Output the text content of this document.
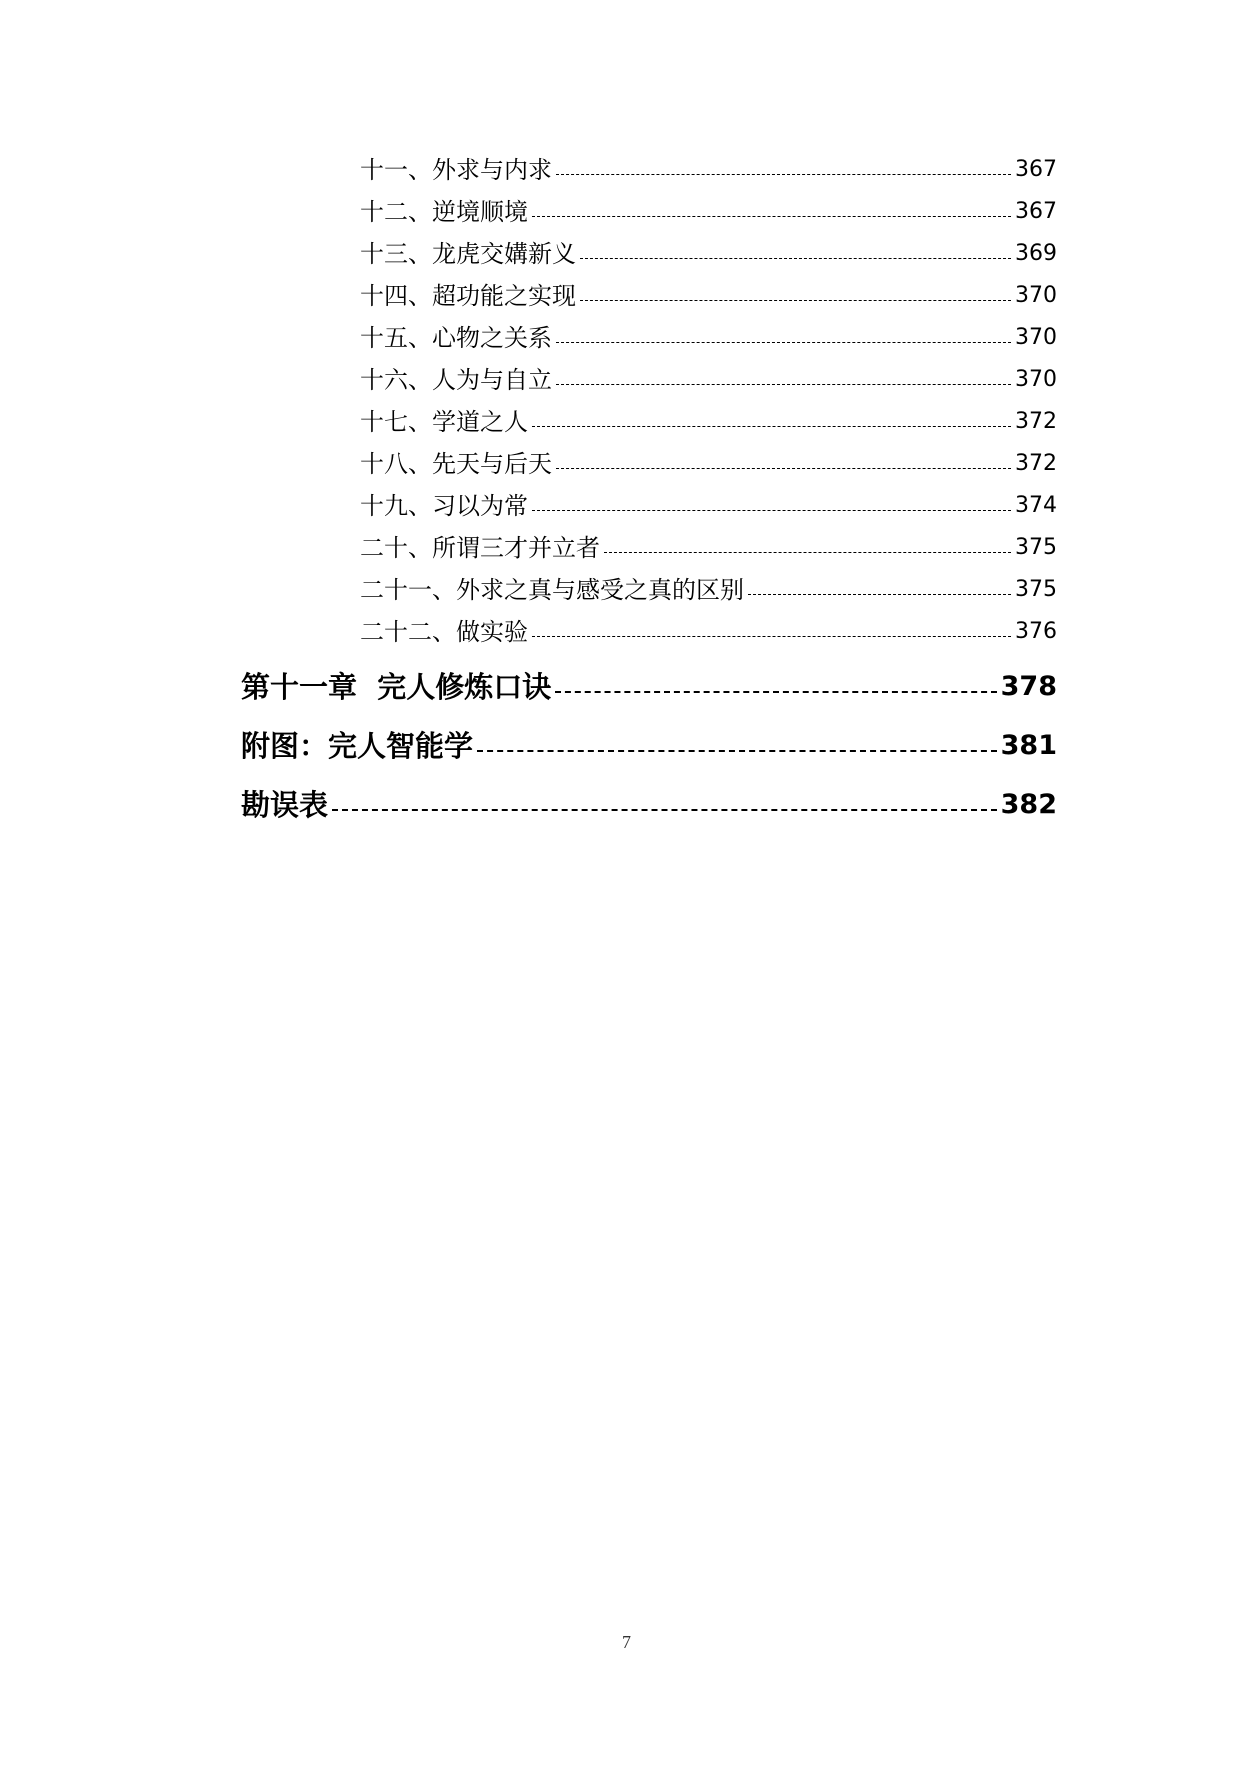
十一、外求与内求	367
十二、逆境顺境	367
十三、龙虎交媾新义	369
十四、超功能之实现	370
十五、心物之关系	370
十六、人为与自立	370
十七、学道之人	372
十八、先天与后天	372
十九、习以为常	374
二十、所谓三才并立者	375
二十一、外求之真与感受之真的区别	375
二十二、做实验	376
第十一章  完人修炼口诀	378
附图：完人智能学	381
勘误表	382
7
